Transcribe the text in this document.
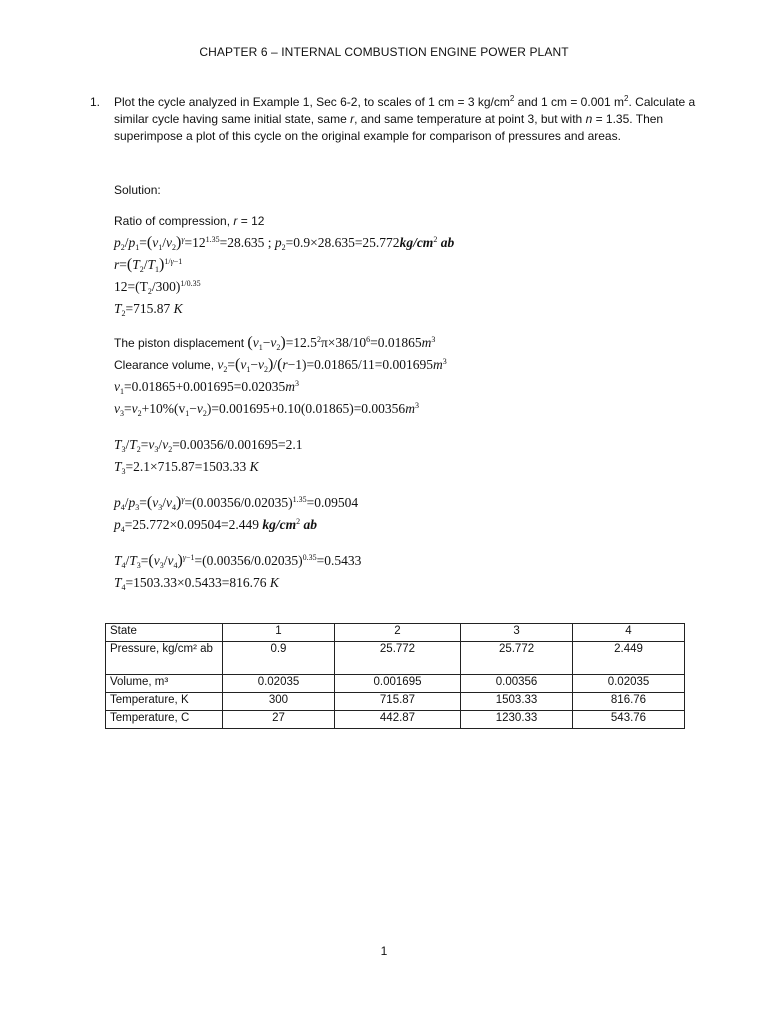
CHAPTER 6 – INTERNAL COMBUSTION ENGINE POWER PLANT
1. Plot the cycle analyzed in Example 1, Sec 6-2, to scales of 1 cm = 3 $kg/cm^2$ and 1 cm = 0.001 $m^2$. Calculate a similar cycle having same initial state, same r, and same temperature at point 3, but with n = 1.35. Then superimpose a plot of this cycle on the original example for comparison of pressures and areas.
Solution:
Ratio of compression, r = 12
$p_2/p_1=(v_1/v_2)^\gamma=12^{1.35}=28.635$ ; $p_2=0.9\times 28.635=25.772kg/cm^2$ ab
$r=(T_2/T_1)^{1/\gamma-1}$
$12=(T_2/300)^{1/0.35}$
$T_2=715.87$ K
The piston displacement $(v_1-v_2)=12.5^2\pi\times 38/10^6=0.01865m^3$
Clearance volume, $v_2=(v_1-v_2)/(r-1)=0.01865/11=0.001695m^3$
$v_1=0.01865+0.001695=0.02035m^3$
$v_3=v_2+10\%(v_1-v_2)=0.001695+0.10(0.01865)=0.00356m^3$
$T_3/T_2=v_3/v_2=0.00356/0.001695=2.1$
$T_3=2.1\times 715.87=1503.33$ K
$p_4/p_3=(v_3/v_4)^\gamma=(0.00356/0.02035)^{1.35}=0.09504$
$p_4=25.772\times 0.09504=2.449$ $kg/cm^2$ ab
$T_4/T_3=(v_3/v_4)^{\gamma-1}=(0.00356/0.02035)^{0.35}=0.5433$
$T_4=1503.33\times 0.5433=816.76$ K
State	1	2	3	4
Pressure, kg/cm² ab	0.9	25.772	25.772	2.449
Volume, m³	0.02035	0.001695	0.00356	0.02035
Temperature, K	300	715.87	1503.33	816.76
Temperature, C	27	442.87	1230.33	543.76
1
